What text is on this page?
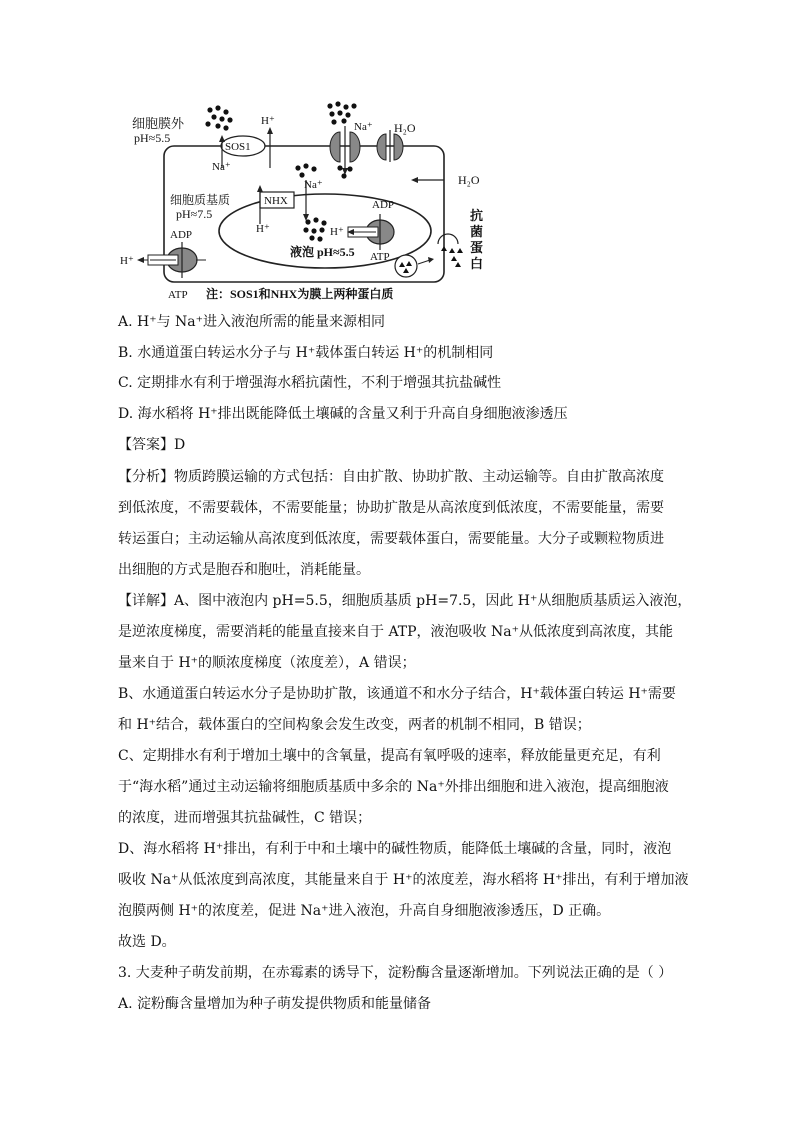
细胞膜外
pH≈5.5
SOS1
H⁺
Na⁺
Na⁺ H₂O
H₂O
细胞质基质
pH≈7.5
NHX
H⁺
Na⁺
H⁺
ADP
ATP
液泡 pH≈5.5
H⁺
ADP
ATP
抗
菌
蛋
白
注：SOS1和NHX为膜上两种蛋白质
A. H⁺与 Na⁺进入液泡所需的能量来源相同
B. 水通道蛋白转运水分子与 H⁺载体蛋白转运 H⁺的机制相同
C. 定期排水有利于增强海水稻抗菌性，不利于增强其抗盐碱性
D. 海水稻将 H⁺排出既能降低土壤碱的含量又利于升高自身细胞液渗透压
【答案】D
【分析】物质跨膜运输的方式包括：自由扩散、协助扩散、主动运输等。自由扩散高浓度
到低浓度，不需要载体，不需要能量；协助扩散是从高浓度到低浓度，不需要能量，需要
转运蛋白；主动运输从高浓度到低浓度，需要载体蛋白，需要能量。大分子或颗粒物质进
出细胞的方式是胞吞和胞吐，消耗能量。
【详解】A、图中液泡内 pH=5.5，细胞质基质 pH=7.5，因此 H⁺从细胞质基质运入液泡，
是逆浓度梯度，需要消耗的能量直接来自于 ATP，液泡吸收 Na⁺从低浓度到高浓度，其能
量来自于 H⁺的顺浓度梯度（浓度差），A 错误；
B、水通道蛋白转运水分子是协助扩散，该通道不和水分子结合，H⁺载体蛋白转运 H⁺需要
和 H⁺结合，载体蛋白的空间构象会发生改变，两者的机制不相同，B 错误；
C、定期排水有利于增加土壤中的含氧量，提高有氧呼吸的速率，释放能量更充足，有利
于“海水稻”通过主动运输将细胞质基质中多余的 Na⁺外排出细胞和进入液泡，提高细胞液
的浓度，进而增强其抗盐碱性，C 错误；
D、海水稻将 H⁺排出，有利于中和土壤中的碱性物质，能降低土壤碱的含量，同时，液泡
吸收 Na⁺从低浓度到高浓度，其能量来自于 H⁺的浓度差，海水稻将 H⁺排出，有利于增加液
泡膜两侧 H⁺的浓度差，促进 Na⁺进入液泡，升高自身细胞液渗透压，D 正确。
故选 D。
3. 大麦种子萌发前期，在赤霉素的诱导下，淀粉酶含量逐渐增加。下列说法正确的是（ ）
A. 淀粉酶含量增加为种子萌发提供物质和能量储备
